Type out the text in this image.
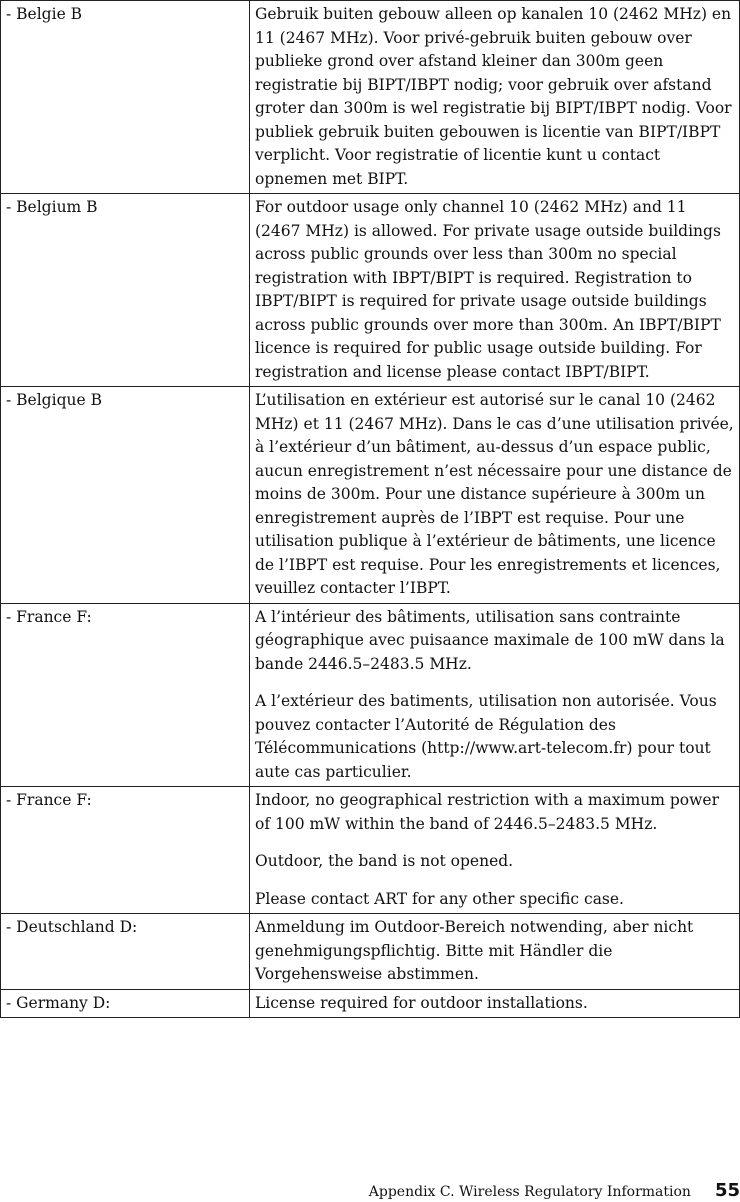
- Belgie B	Gebruik buiten gebouw alleen op kanalen 10 (2462 MHz) en 11 (2467 MHz). Voor privé-gebruik buiten gebouw over publieke grond over afstand kleiner dan 300m geen registratie bij BIPT/IBPT nodig; voor gebruik over afstand groter dan 300m is wel registratie bij BIPT/IBPT nodig. Voor publiek gebruik buiten gebouwen is licentie van BIPT/IBPT verplicht. Voor registratie of licentie kunt u contact opnemen met BIPT.

- Belgium B	For outdoor usage only channel 10 (2462 MHz) and 11 (2467 MHz) is allowed. For private usage outside buildings across public grounds over less than 300m no special registration with IBPT/BIPT is required. Registration to IBPT/BIPT is required for private usage outside buildings across public grounds over more than 300m. An IBPT/BIPT licence is required for public usage outside building. For registration and license please contact IBPT/BIPT.

- Belgique B	L’utilisation en extérieur est autorisé sur le canal 10 (2462 MHz) et 11 (2467 MHz). Dans le cas d’une utilisation privée, à l’extérieur d’un bâtiment, au-dessus d’un espace public, aucun enregistrement n’est nécessaire pour une distance de moins de 300m. Pour une distance supérieure à 300m un enregistrement auprès de l’IBPT est requise. Pour une utilisation publique à l’extérieur de bâtiments, une licence de l’IBPT est requise. Pour les enregistrements et licences, veuillez contacter l’IBPT.

- France F:	A l’intérieur des bâtiments, utilisation sans contrainte géographique avec puisaance maximale de 100 mW dans la bande 2446.5–2483.5 MHz.

A l’extérieur des batiments, utilisation non autorisée. Vous pouvez contacter l’Autorité de Régulation des Télécommunications (http://www.art-telecom.fr) pour tout aute cas particulier.

- France F:	Indoor, no geographical restriction with a maximum power of 100 mW within the band of 2446.5–2483.5 MHz.

Outdoor, the band is not opened.

Please contact ART for any other specific case.

- Deutschland D:	Anmeldung im Outdoor-Bereich notwending, aber nicht genehmigungspflichtig. Bitte mit Händler die Vorgehensweise abstimmen.

- Germany D:	License required for outdoor installations.

Appendix C. Wireless Regulatory Information 55
